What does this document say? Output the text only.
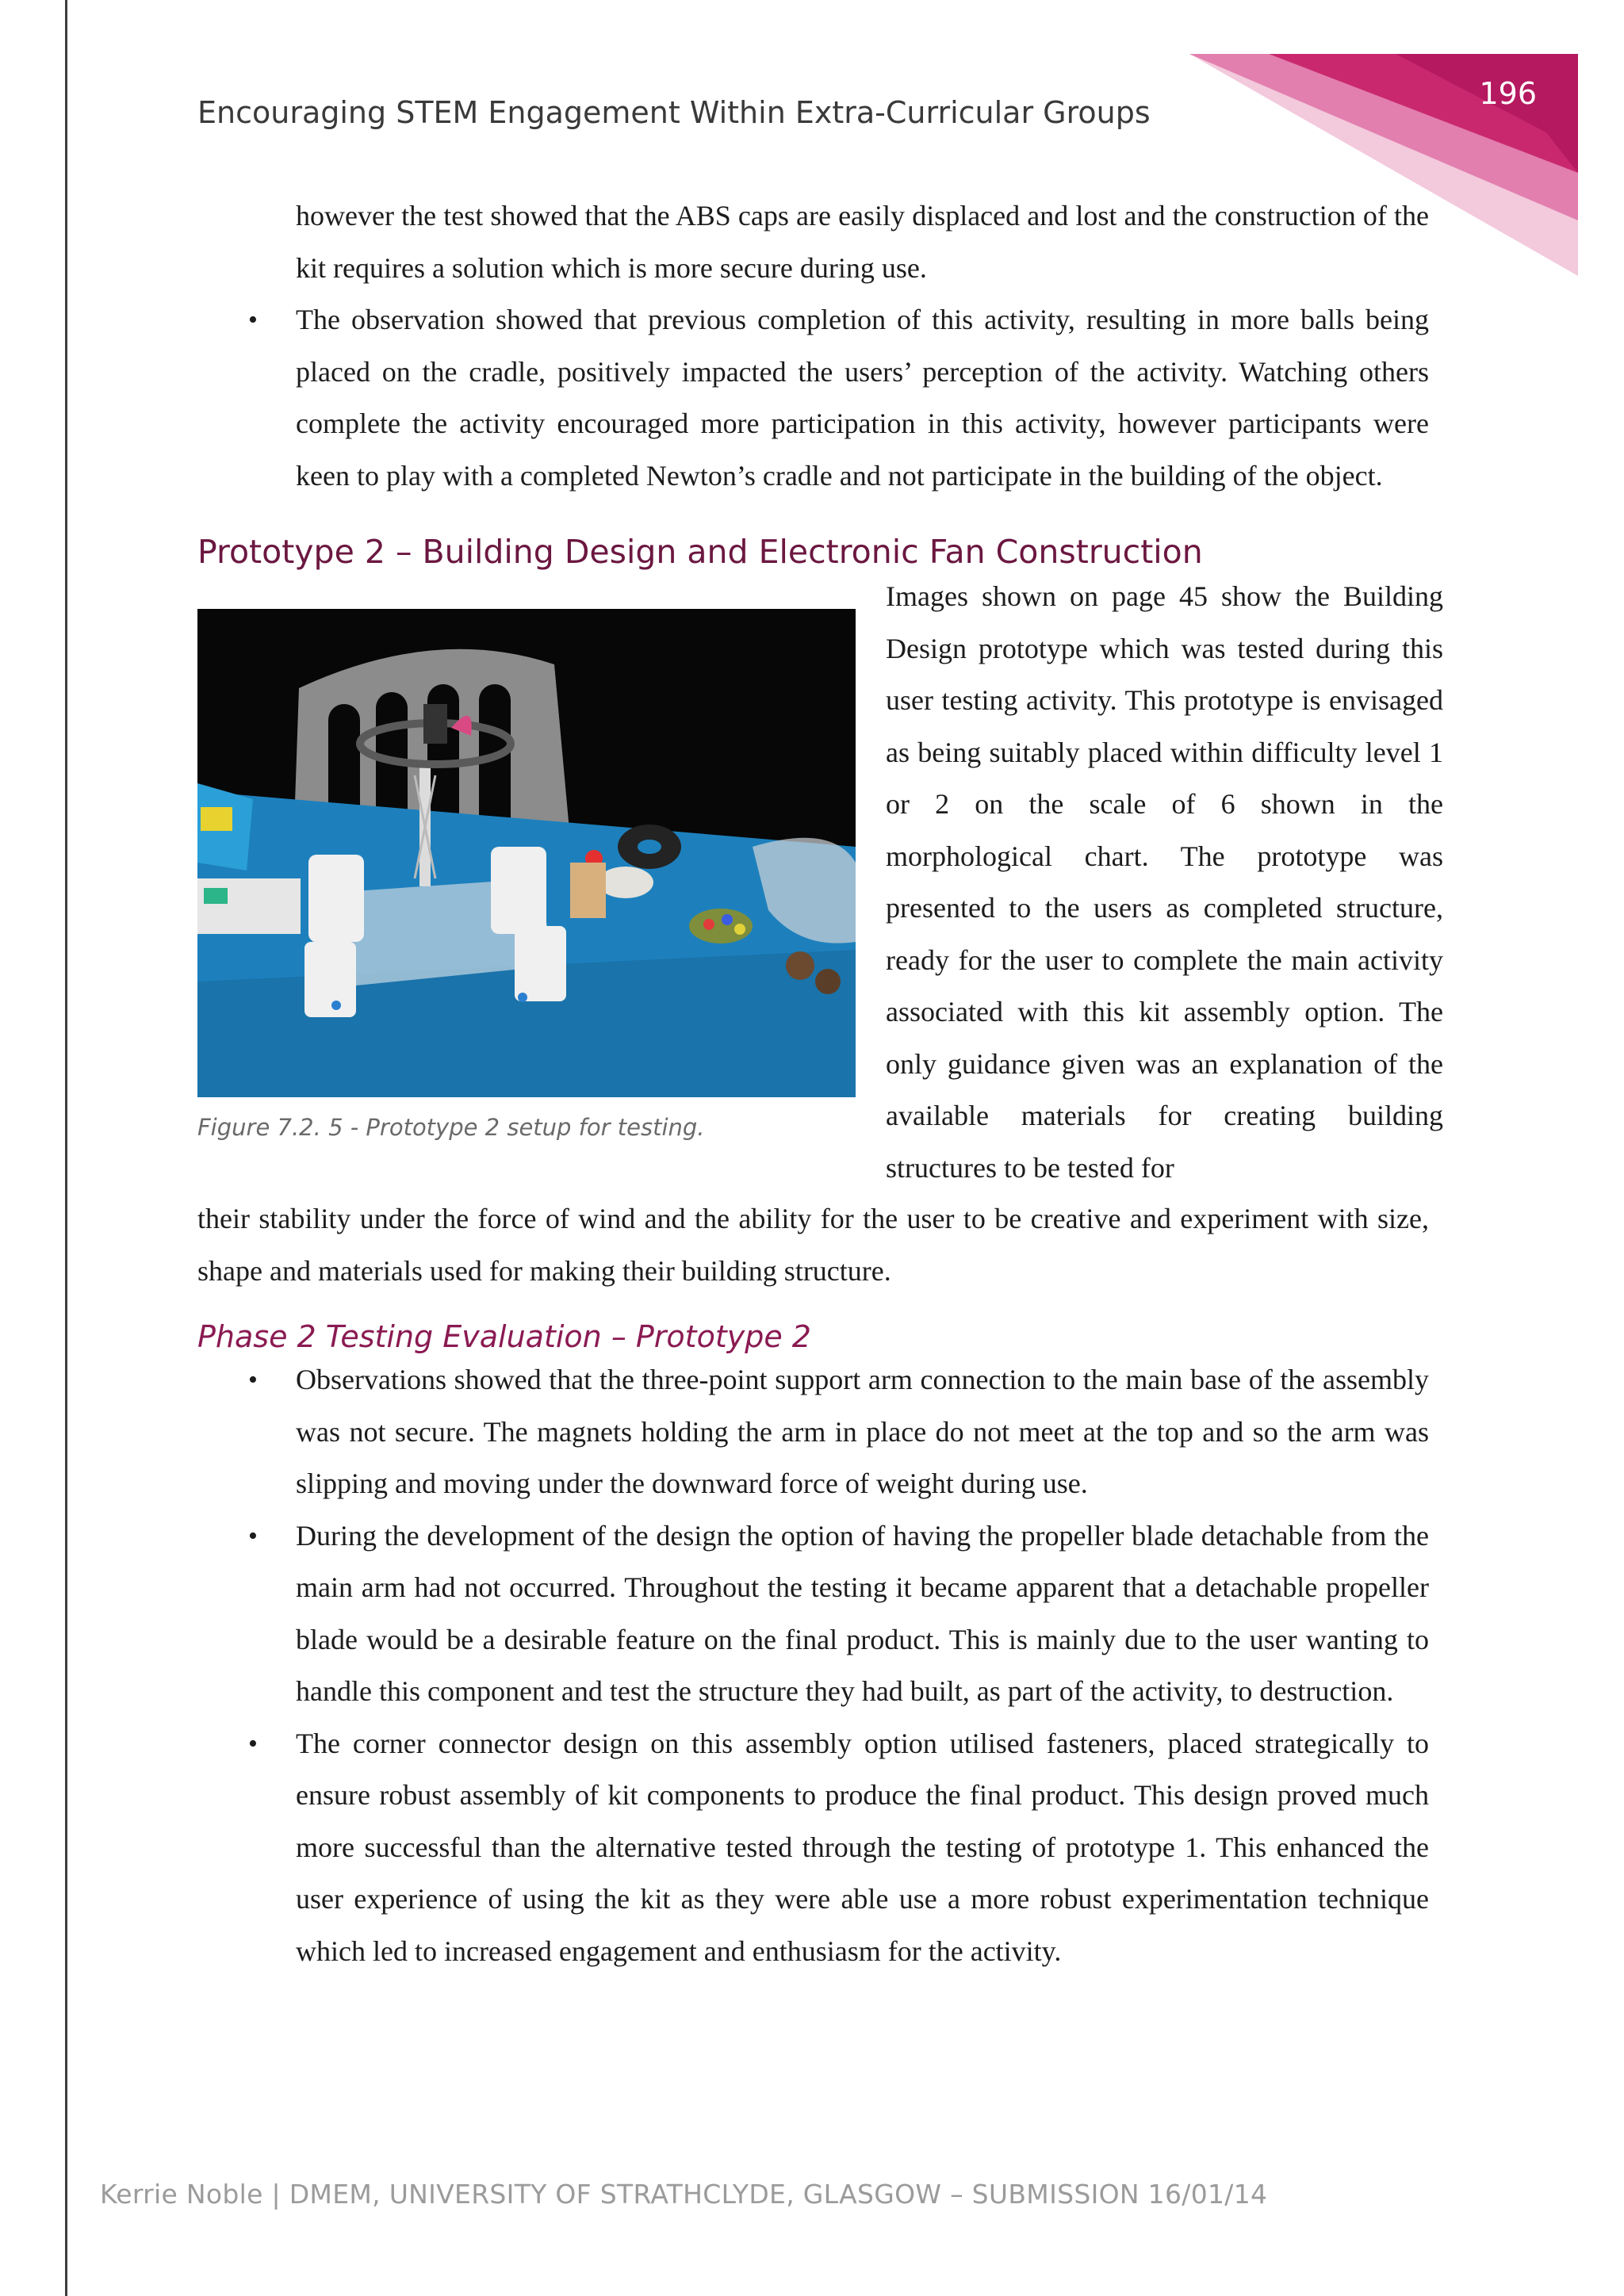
196
Encouraging STEM Engagement Within Extra-Curricular Groups
however the test showed that the ABS caps are easily displaced and lost and the construction of the kit requires a solution which is more secure during use.
• The observation showed that previous completion of this activity, resulting in more balls being placed on the cradle, positively impacted the users’ perception of the activity. Watching others complete the activity encouraged more participation in this activity, however participants were keen to play with a completed Newton’s cradle and not participate in the building of the object.
Prototype 2 – Building Design and Electronic Fan Construction
Figure 7.2. 5 - Prototype 2 setup for testing.
Images shown on page 45 show the Building Design prototype which was tested during this user testing activity. This prototype is envisaged as being suitably placed within difficulty level 1 or 2 on the scale of 6 shown in the morphological chart. The prototype was presented to the users as completed structure, ready for the user to complete the main activity associated with this kit assembly option. The only guidance given was an explanation of the available materials for creating building structures to be tested for
their stability under the force of wind and the ability for the user to be creative and experiment with size, shape and materials used for making their building structure.
Phase 2 Testing Evaluation – Prototype 2
• Observations showed that the three-point support arm connection to the main base of the assembly was not secure. The magnets holding the arm in place do not meet at the top and so the arm was slipping and moving under the downward force of weight during use.
• During the development of the design the option of having the propeller blade detachable from the main arm had not occurred. Throughout the testing it became apparent that a detachable propeller blade would be a desirable feature on the final product. This is mainly due to the user wanting to handle this component and test the structure they had built, as part of the activity, to destruction.
• The corner connector design on this assembly option utilised fasteners, placed strategically to ensure robust assembly of kit components to produce the final product. This design proved much more successful than the alternative tested through the testing of prototype 1. This enhanced the user experience of using the kit as they were able use a more robust experimentation technique which led to increased engagement and enthusiasm for the activity.
Kerrie Noble | DMEM, UNIVERSITY OF STRATHCLYDE, GLASGOW – SUBMISSION 16/01/14
